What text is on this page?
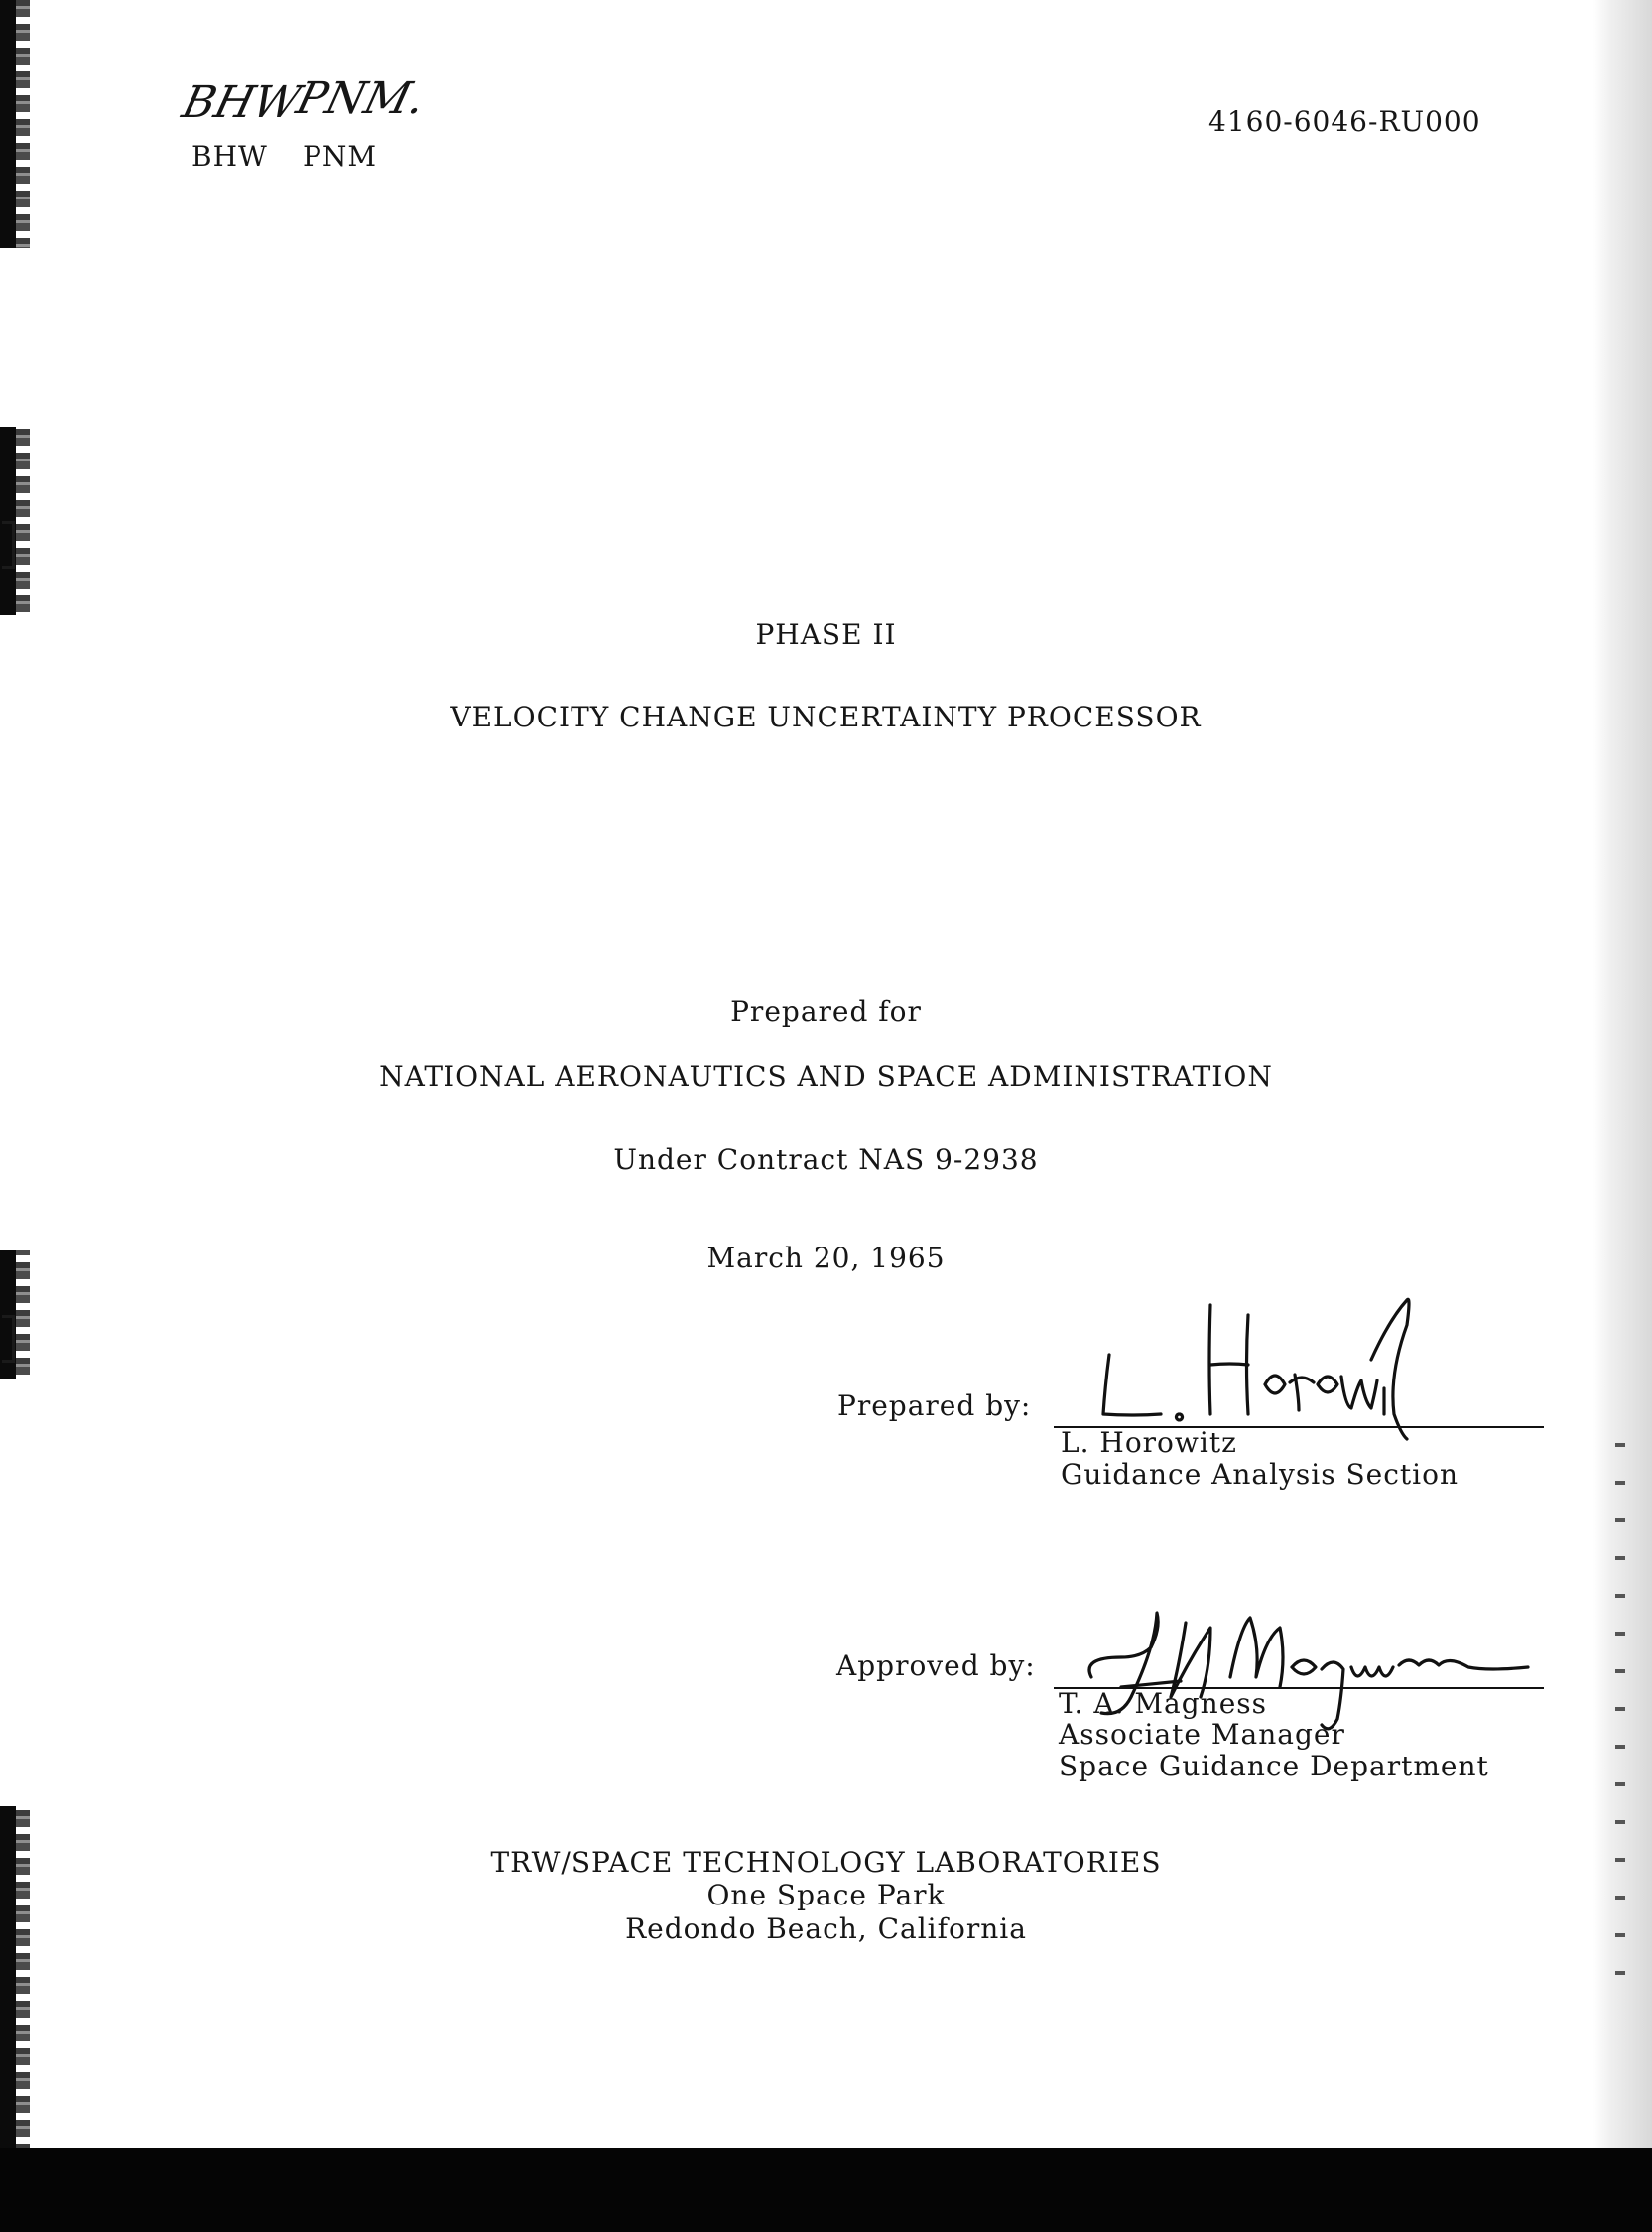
BHW
PNM.
BHW PNM
4160-6046-RU000
PHASE II
VELOCITY CHANGE UNCERTAINTY PROCESSOR
Prepared for
NATIONAL AERONAUTICS AND SPACE ADMINISTRATION
Under Contract NAS 9-2938
March 20, 1965
Prepared by:
L. Horowitz
Guidance Analysis Section
Approved by:
T. A. Magness
Associate Manager
Space Guidance Department
TRW/SPACE TECHNOLOGY LABORATORIES
One Space Park
Redondo Beach, California
